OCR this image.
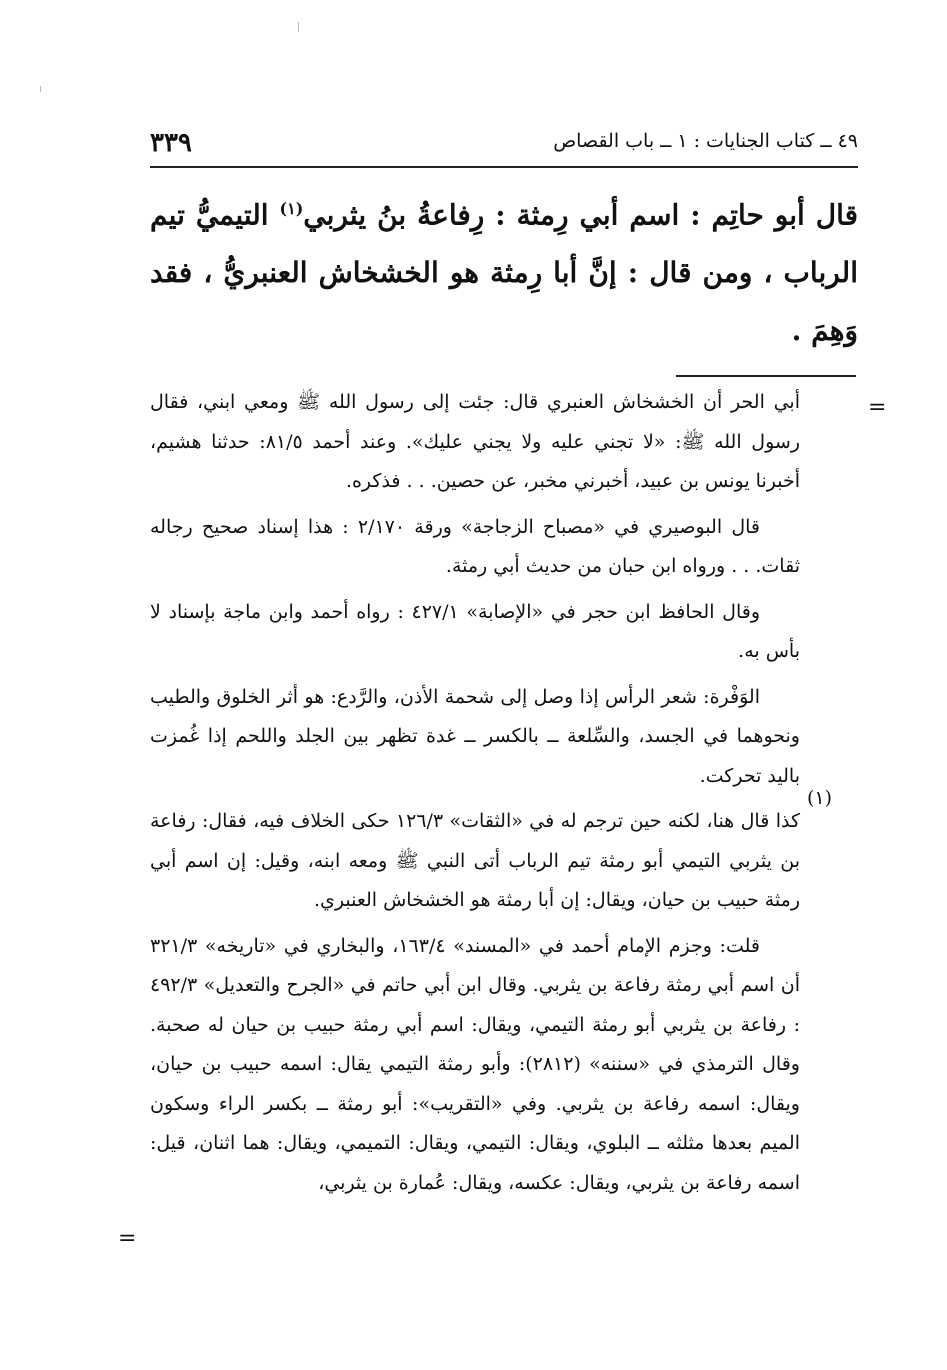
٣٣٩	٤٩ ــ كتاب الجنايات : ١ ــ باب القصاص
قال أبو حاتِم : اسم أبي رِمثة : رِفاعةُ بنُ يثربي$^{(١)}$ التيميُّ تيم الرباب ، ومن قال : إنَّ أبا رِمثة هو الخشخاش العنبريُّ ، فقد وَهِمَ .
=

أبي الحر أن الخشخاش العنبري قال: جئت إلى رسول الله ﷺ ومعي ابني، فقال رسول الله ﷺ: «لا تجني عليه ولا يجني عليك». وعند أحمد ٨١/٥: حدثنا هشيم، أخبرنا يونس بن عبيد، أخبرني مخبر، عن حصين. . . فذكره.

قال البوصيري في «مصباح الزجاجة» ورقة ٢/١٧٠ : هذا إسناد صحيح رجاله ثقات. . . ورواه ابن حبان من حديث أبي رمثة.

وقال الحافظ ابن حجر في «الإصابة» ٤٢٧/١ : رواه أحمد وابن ماجة بإسناد لا بأس به.

الوَفْرة: شعر الرأس إذا وصل إلى شحمة الأذن، والرَّدع: هو أثر الخلوق والطيب ونحوهما في الجسد، والسِّلعة ــ بالكسر ــ غدة تظهر بين الجلد واللحم إذا غُمزت باليد تحركت.

كذا قال هنا، لكنه حين ترجم له في «الثقات» ١٢٦/٣ حكى الخلاف فيه، فقال: رفاعة بن يثربي التيمي أبو رمثة تيم الرباب أتى النبي ﷺ ومعه ابنه، وقيل: إن اسم أبي رمثة حبيب بن حيان، ويقال: إن أبا رمثة هو الخشخاش العنبري.

قلت: وجزم الإمام أحمد في «المسند» ١٦٣/٤، والبخاري في «تاريخه» ٣٢١/٣ أن اسم أبي رمثة رفاعة بن يثربي. وقال ابن أبي حاتم في «الجرح والتعديل» ٤٩٢/٣ : رفاعة بن يثربي أبو رمثة التيمي، ويقال: اسم أبي رمثة حبيب بن حيان له صحبة. وقال الترمذي في «سننه» (٢٨١٢): وأبو رمثة التيمي يقال: اسمه حبيب بن حيان، ويقال: اسمه رفاعة بن يثربي. وفي «التقريب»: أبو رمثة ــ بكسر الراء وسكون الميم بعدها مثلثه ــ البلوي، ويقال: التيمي، ويقال: التميمي، ويقال: هما اثنان، قيل: اسمه رفاعة بن يثربي، ويقال: عكسه، ويقال: عُمارة بن يثربي،

(١)
=
